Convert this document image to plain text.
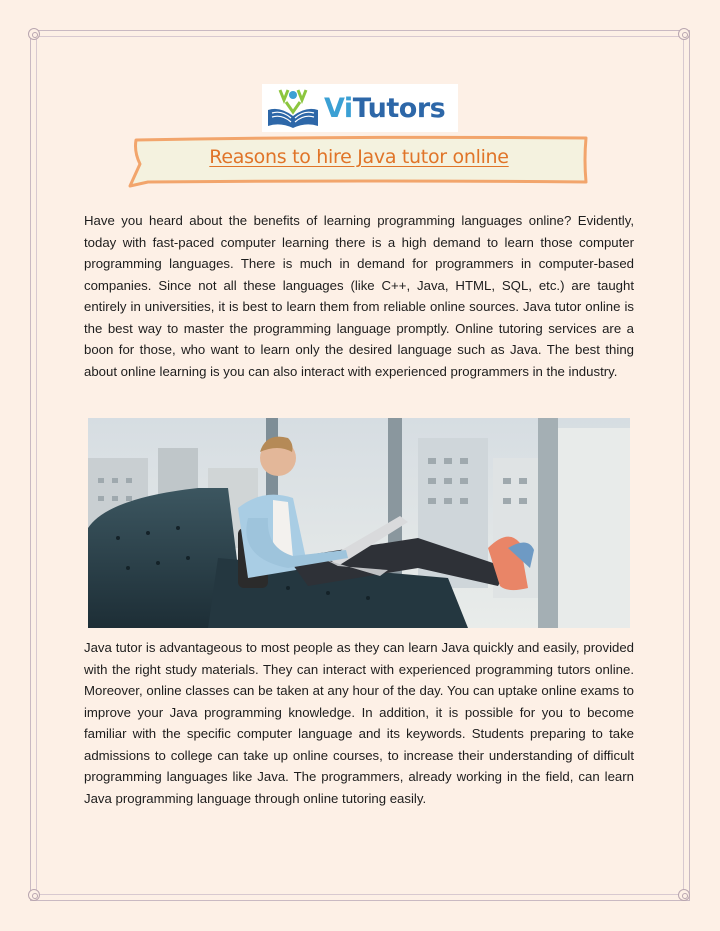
ViTutors
Reasons to hire Java tutor online

Have you heard about the benefits of learning programming languages online? Evidently, today with fast-paced computer learning there is a high demand to learn those computer programming languages. There is much in demand for programmers in computer-based companies. Since not all these languages (like C++, Java, HTML, SQL, etc.) are taught entirely in universities, it is best to learn them from reliable online sources. Java tutor online is the best way to master the programming language promptly. Online tutoring services are a boon for those, who want to learn only the desired language such as Java. The best thing about online learning is you can also interact with experienced programmers in the industry.

Java tutor is advantageous to most people as they can learn Java quickly and easily, provided with the right study materials. They can interact with experienced programming tutors online. Moreover, online classes can be taken at any hour of the day. You can uptake online exams to improve your Java programming knowledge. In addition, it is possible for you to become familiar with the specific computer language and its keywords. Students preparing to take admissions to college can take up online courses, to increase their understanding of difficult programming languages like Java. The programmers, already working in the field, can learn Java programming language through online tutoring easily.
